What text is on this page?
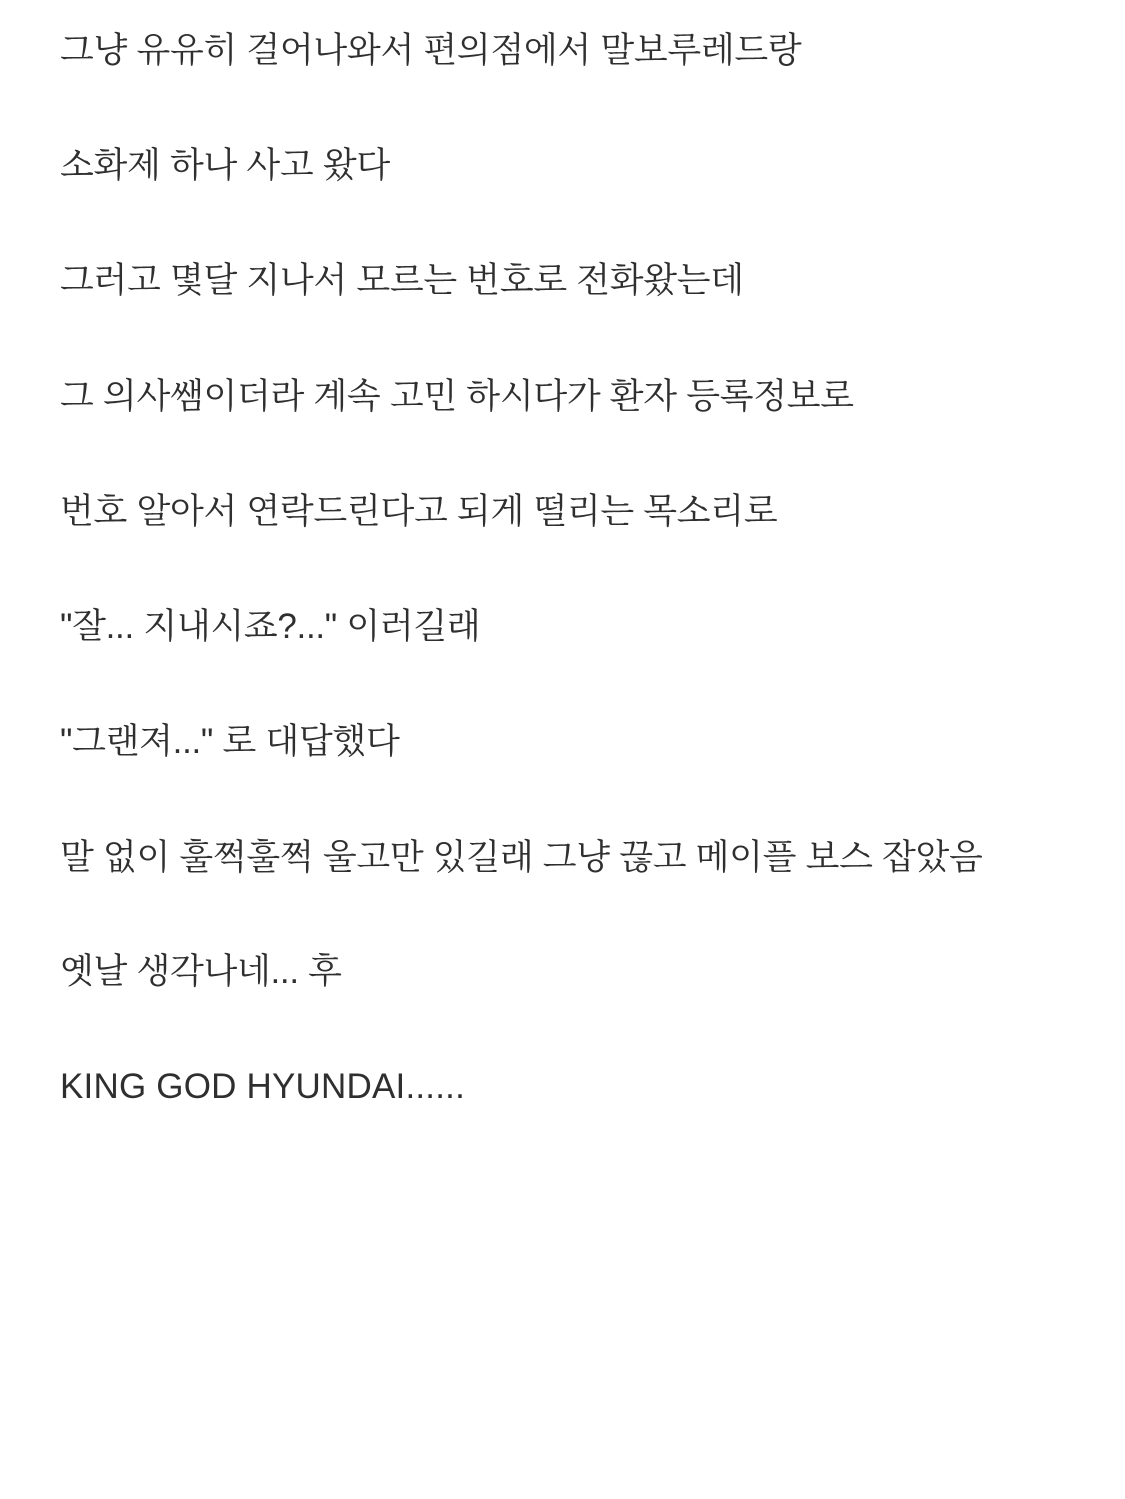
그냥 유유히 걸어나와서 편의점에서 말보루레드랑

소화제 하나 사고 왔다

그러고 몇달 지나서 모르는 번호로 전화왔는데

그 의사쌤이더라 계속 고민 하시다가 환자 등록정보로

번호 알아서 연락드린다고 되게 떨리는 목소리로

"잘... 지내시죠?..." 이러길래

"그랜져..." 로 대답했다

말 없이 훌쩍훌쩍 울고만 있길래 그냥 끊고 메이플 보스 잡았음

옛날 생각나네... 후

KING GOD HYUNDAI......
